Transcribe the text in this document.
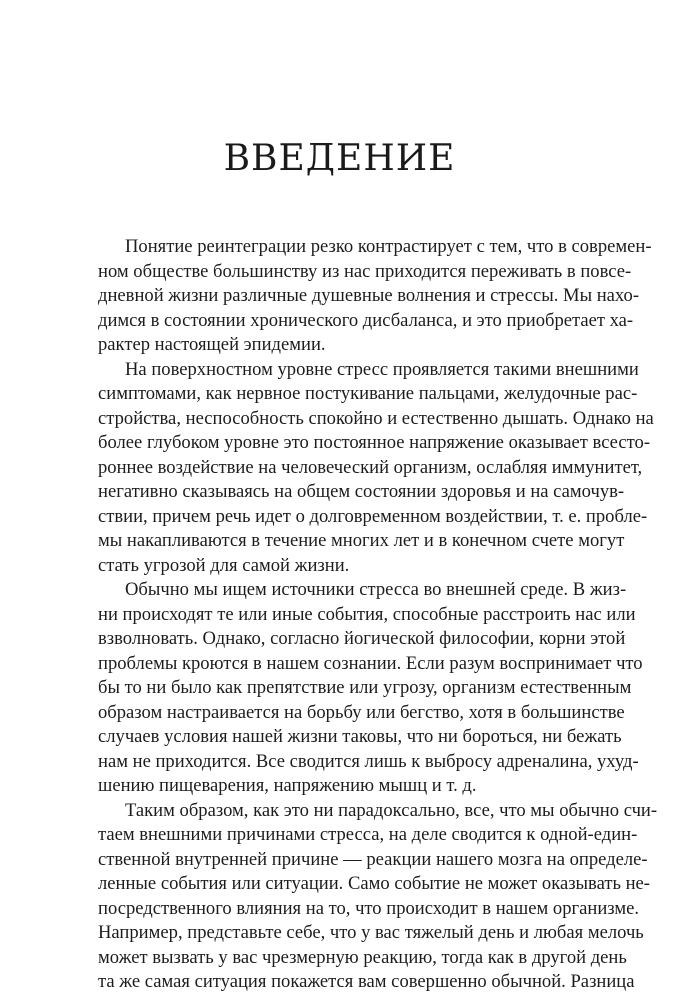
ВВЕДЕНИЕ
Понятие реинтеграции резко контрастирует с тем, что в современ-
ном обществе большинству из нас приходится переживать в повсе-
дневной жизни различные душевные волнения и стрессы. Мы нахо-
димся в состоянии хронического дисбаланса, и это приобретает ха-
рактер настоящей эпидемии.
На поверхностном уровне стресс проявляется такими внешними
симптомами, как нервное постукивание пальцами, желудочные рас-
стройства, неспособность спокойно и естественно дышать. Однако на
более глубоком уровне это постоянное напряжение оказывает всесто-
роннее воздействие на человеческий организм, ослабляя иммунитет,
негативно сказываясь на общем состоянии здоровья и на самочув-
ствии, причем речь идет о долговременном воздействии, т. е. пробле-
мы накапливаются в течение многих лет и в конечном счете могут
стать угрозой для самой жизни.
Обычно мы ищем источники стресса во внешней среде. В жиз-
ни происходят те или иные события, способные расстроить нас или
взволновать. Однако, согласно йогической философии, корни этой
проблемы кроются в нашем сознании. Если разум воспринимает что
бы то ни было как препятствие или угрозу, организм естественным
образом настраивается на борьбу или бегство, хотя в большинстве
случаев условия нашей жизни таковы, что ни бороться, ни бежать
нам не приходится. Все сводится лишь к выбросу адреналина, ухуд-
шению пищеварения, напряжению мышц и т. д.
Таким образом, как это ни парадоксально, все, что мы обычно счи-
таем внешними причинами стресса, на деле сводится к одной-един-
ственной внутренней причине — реакции нашего мозга на определе-
ленные события или ситуации. Само событие не может оказывать не-
посредственного влияния на то, что происходит в нашем организме.
Например, представьте себе, что у вас тяжелый день и любая мелочь
может вызвать у вас чрезмерную реакцию, тогда как в другой день
та же самая ситуация покажется вам совершенно обычной. Разница
